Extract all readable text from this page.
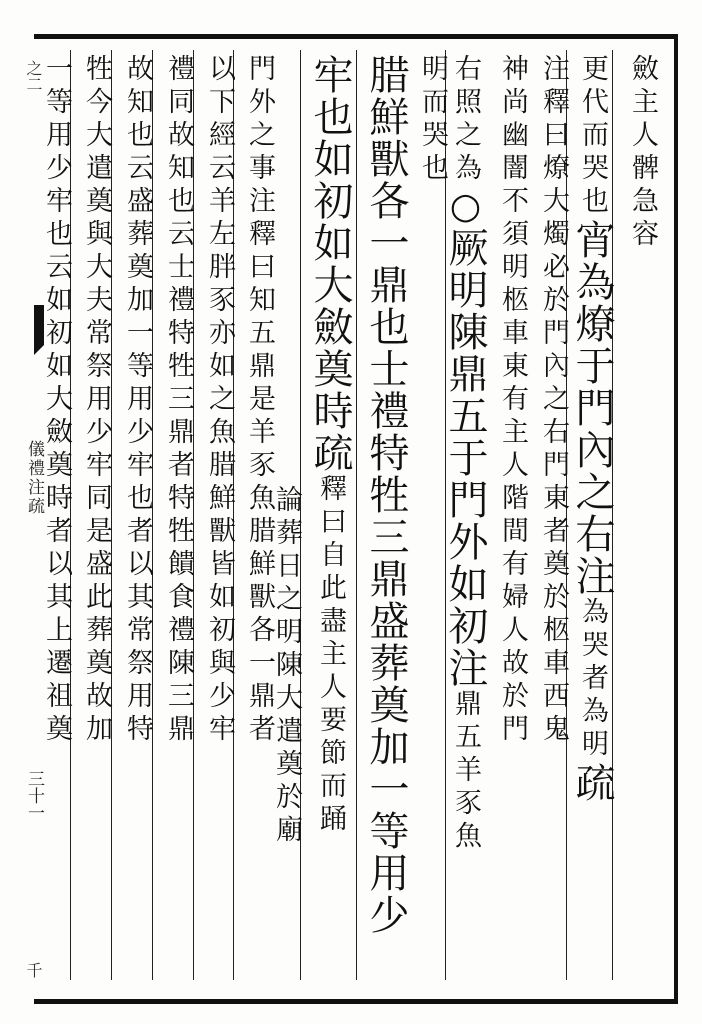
之二
儀禮注疏
三十一
千
斂主人髀急容
更代而哭也宵為燎于門內之右注為哭者為明疏
注釋曰燎大燭必於門內之右門東者奠於柩車西鬼
神尚幽闇不須明柩車東有主人階間有婦人故於門
右照之為○厥明陳鼎五于門外如初注鼎五羊豕魚
明而哭也
腊鮮獸各一鼎也士禮特牲三鼎盛葬奠加一等用少
牢也如初如大斂奠時疏釋曰自此盡主人要節而踊
論葬日之明陳大遣奠於廟
門外之事注釋曰知五鼎是羊豕魚腊鮮獸各一鼎者
以下經云羊左胖豕亦如之魚腊鮮獸皆如初與少牢
禮同故知也云士禮特牲三鼎者特牲饋食禮陳三鼎
故知也云盛葬奠加一等用少牢也者以其常祭用特
牲今大遣奠與大夫常祭用少牢同是盛此葬奠故加
一等用少牢也云如初如大斂奠時者以其上遷祖奠
